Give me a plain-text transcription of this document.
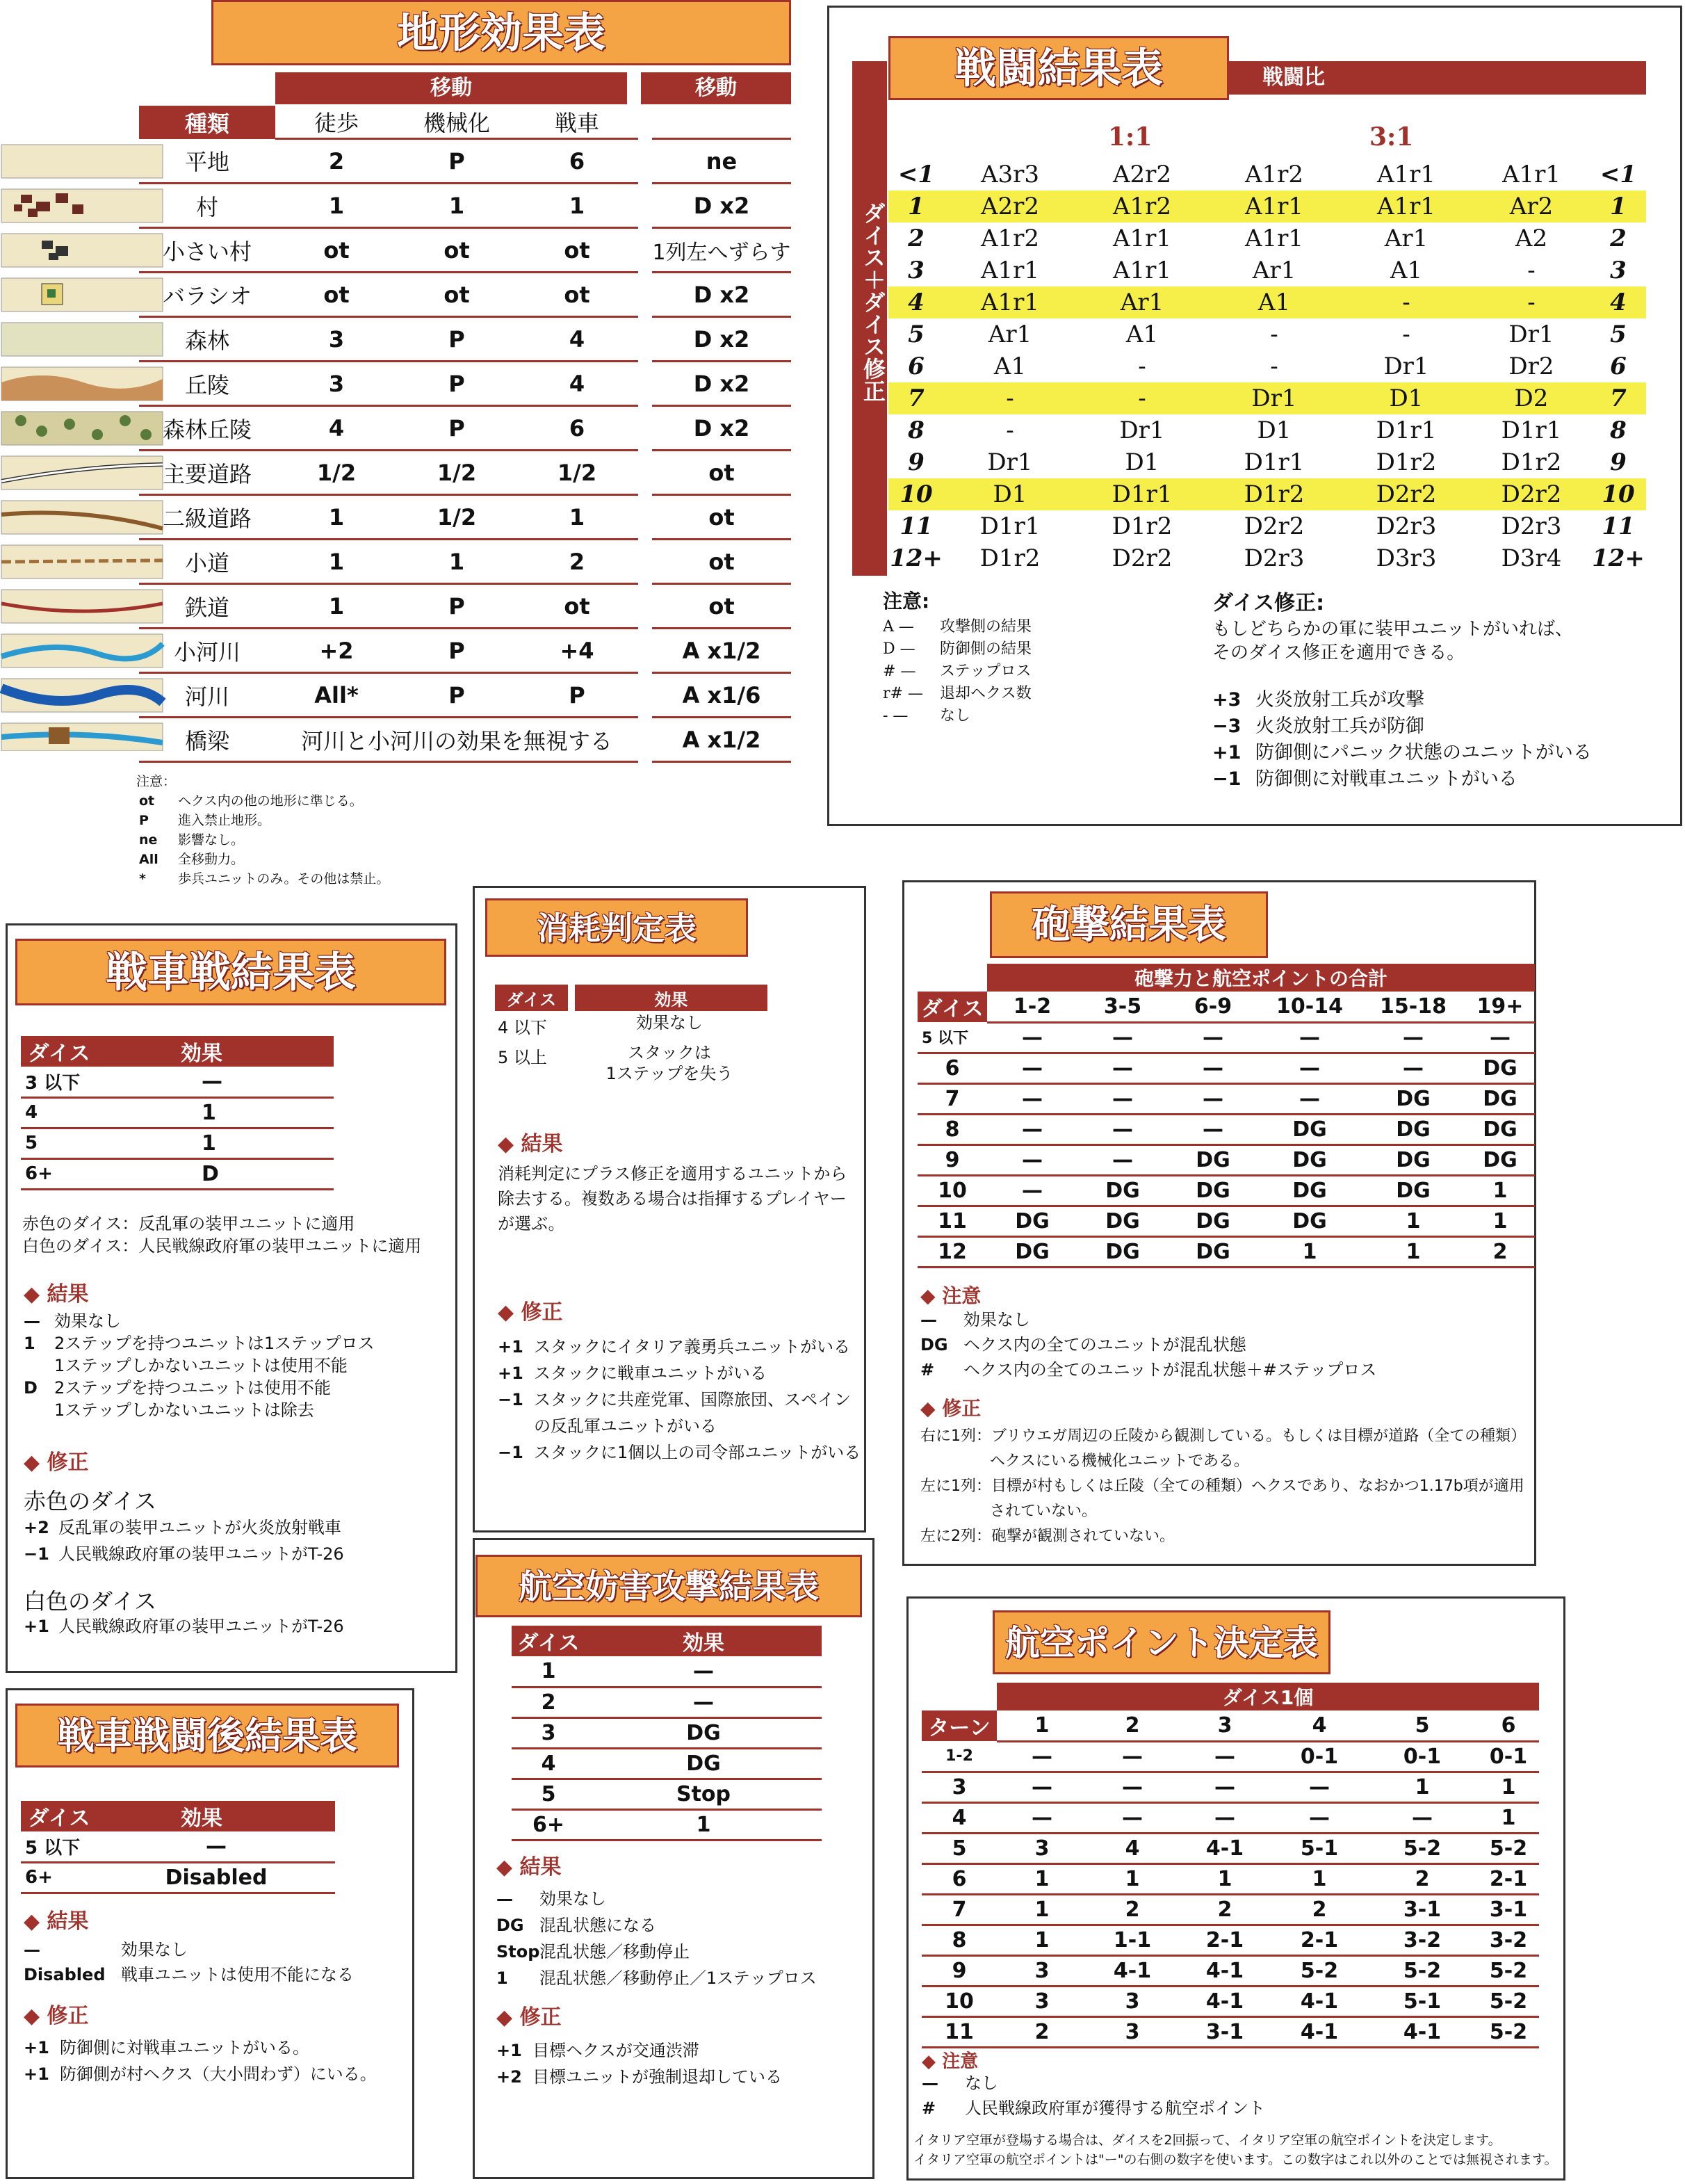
地形効果表
移動	移動
種類	徒歩	機械化	戦車		
平地	2	P	6		ne
村	1	1	1		D x2
小さい村	ot	ot	ot		1列左へずらす
バラシオ	ot	ot	ot		D x2
森林	3	P	4		D x2
丘陵	3	P	4		D x2
森林丘陵	4	P	6		D x2
主要道路	1/2	1/2	1/2		ot
二級道路	1	1/2	1		ot
小道	1	1	2		ot
鉄道	1	P	ot		ot
小河川	+2	P	+4		A x1/2
河川	All*	P	P		A x1/6
橋梁	河川と小河川の効果を無視する				A x1/2
注意：
ot ヘクス内の他の地形に準じる。
P 進入禁止地形。
ne 影響なし。
All 全移動力。
* 歩兵ユニットのみ。その他は禁止。
戦闘比
ダイス＋ダイス修正
戦闘結果表
1:1	3:1
<1	A3r3	A2r2	A1r2	A1r1	A1r1	<1
1	A2r2	A1r2	A1r1	A1r1	Ar2	1
2	A1r2	A1r1	A1r1	Ar1	A2	2
3	A1r1	A1r1	Ar1	A1	-	3
4	A1r1	Ar1	A1	-	-	4
5	Ar1	A1	-	-	Dr1	5
6	A1	-	-	Dr1	Dr2	6
7	-	-	Dr1	D1	D2	7
8	-	Dr1	D1	D1r1	D1r1	8
9	Dr1	D1	D1r1	D1r2	D1r2	9
10	D1	D1r1	D1r2	D2r2	D2r2	10
11	D1r1	D1r2	D2r2	D2r3	D2r3	11
12+	D1r2	D2r2	D2r3	D3r3	D3r4	12+
注意:
A — 攻撃側の結果
D — 防御側の結果
# — ステップロス
r# — 退却ヘクス数
- — なし
ダイス修正:
もしどちらかの軍に装甲ユニットがいれば、
そのダイス修正を適用できる。
+3 火炎放射工兵が攻撃
−3 火炎放射工兵が防御
+1 防御側にパニック状態のユニットがいる
−1 防御側に対戦車ユニットがいる
戦車戦結果表
ダイス	効果
3 以下	—
4	1
5	1
6+	D
赤色のダイス：反乱軍の装甲ユニットに適用
白色のダイス：人民戦線政府軍の装甲ユニットに適用
◆ 結果
— 効果なし
1 2ステップを持つユニットは1ステップロス
1ステップしかないユニットは使用不能
D 2ステップを持つユニットは使用不能
1ステップしかないユニットは除去
◆ 修正
赤色のダイス
+2 反乱軍の装甲ユニットが火炎放射戦車
−1 人民戦線政府軍の装甲ユニットがT-26
白色のダイス
+1 人民戦線政府軍の装甲ユニットがT-26
消耗判定表
ダイス	効果
4 以下	効果なし

5 以上	スタックは
1ステップを失う
◆ 結果
消耗判定にプラス修正を適用するユニットから
除去する。複数ある場合は指揮するプレイヤー
が選ぶ。
◆ 修正
+1 スタックにイタリア義勇兵ユニットがいる
+1 スタックに戦車ユニットがいる
−1 スタックに共産党軍、国際旅団、スペイン
の反乱軍ユニットがいる
−1 スタックに1個以上の司令部ユニットがいる
砲撃結果表
	砲撃力と航空ポイントの合計					
ダイス	1-2	3-5	6-9	10-14	15-18	19+
5 以下	—	—	—	—	—	—
6	—	—	—	—	—	DG
7	—	—	—	—	DG	DG
8	—	—	—	DG	DG	DG
9	—	—	DG	DG	DG	DG
10	—	DG	DG	DG	DG	1
11	DG	DG	DG	DG	1	1
12	DG	DG	DG	1	1	2
◆ 注意
— 効果なし
DG ヘクス内の全てのユニットが混乱状態
# ヘクス内の全てのユニットが混乱状態＋#ステップロス
◆ 修正
右に1列：ブリウエガ周辺の丘陵から観測している。もしくは目標が道路（全ての種類）
ヘクスにいる機械化ユニットである。
左に1列：目標が村もしくは丘陵（全ての種類）ヘクスであり、なおかつ1.17b項が適用
されていない。
左に2列：砲撃が観測されていない。
戦車戦闘後結果表
ダイス	効果
5 以下	—
6+	Disabled
◆ 結果
—	効果なし
Disabled 戦車ユニットは使用不能になる
◆ 修正
+1 防御側に対戦車ユニットがいる。
+1 防御側が村ヘクス（大小問わず）にいる。
航空妨害攻撃結果表
ダイス	効果
1	—
2	—
3	DG
4	DG
5	Stop
6+	1
◆ 結果
— 効果なし
DG 混乱状態になる
Stop混乱状態／移動停止
1 混乱状態／移動停止／1ステップロス
◆ 修正
+1 目標ヘクスが交通渋滞
+2 目標ユニットが強制退却している
航空ポイント決定表
	ダイス1個					
ターン	1	2	3	4	5	6
1-2	—	—	—	0-1	0-1	0-1
3	—	—	—	—	1	1
4	—	—	—	—	—	1
5	3	4	4-1	5-1	5-2	5-2
6	1	1	1	1	2	2-1
7	1	2	2	2	3-1	3-1
8	1	1-1	2-1	2-1	3-2	3-2
9	3	4-1	4-1	5-2	5-2	5-2
10	3	3	4-1	4-1	5-1	5-2
11	2	3	3-1	4-1	4-1	5-2
◆ 注意
— なし
# 人民戦線政府軍が獲得する航空ポイント
イタリア空軍が登場する場合は、ダイスを2回振って、イタリア空軍の航空ポイントを決定します。
イタリア空軍の航空ポイントは"ー"の右側の数字を使います。この数字はこれ以外のことでは無視されます。
